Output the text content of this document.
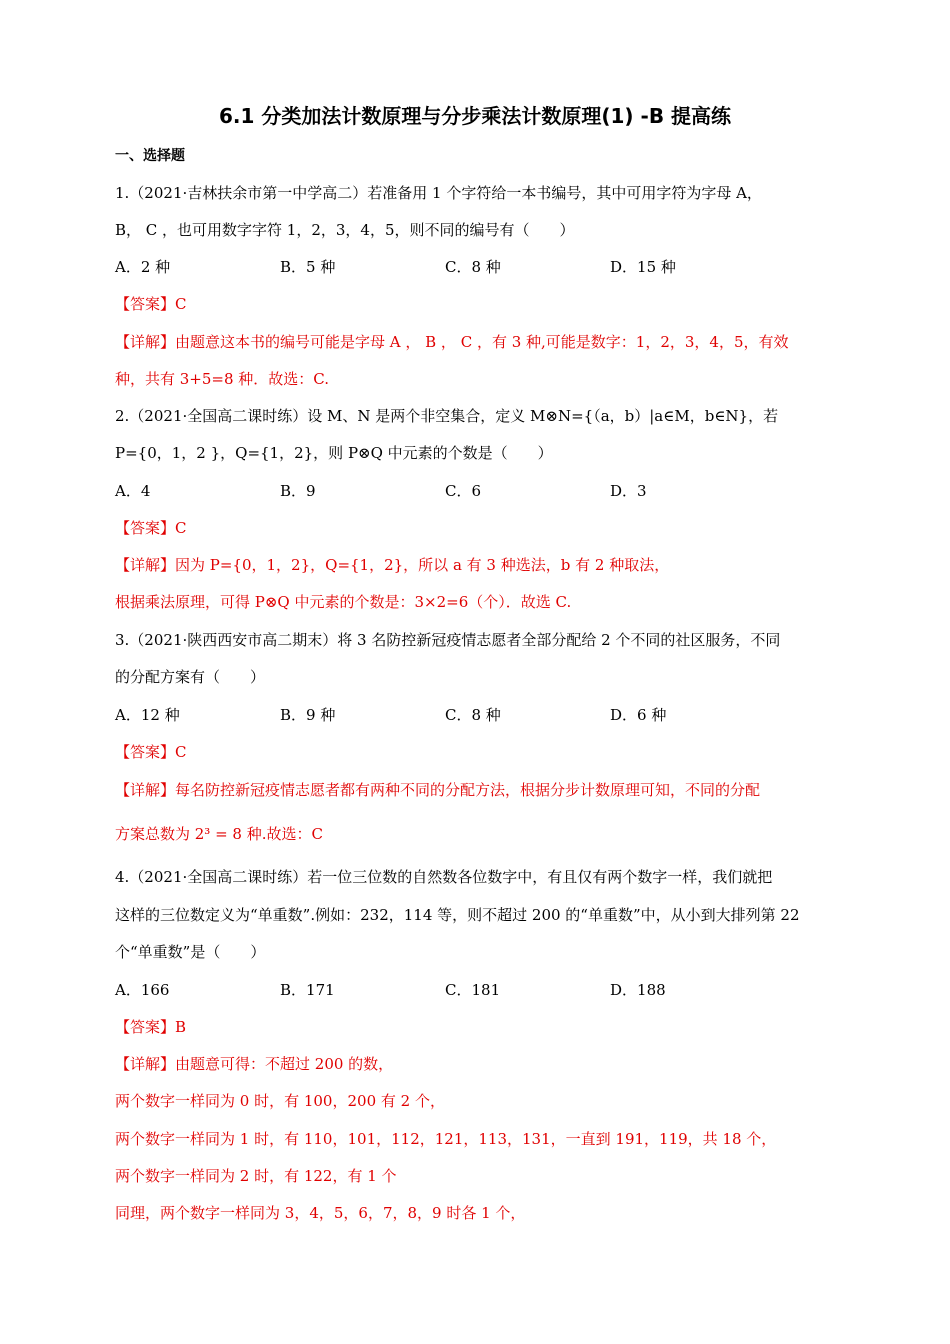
6.1 分类加法计数原理与分步乘法计数原理(1) -B 提高练
一、选择题
1.（2021·吉林扶余市第一中学高二）若准备用 1 个字符给一本书编号，其中可用字符为字母 A，
B， C ，也可用数字字符 1，2，3，4，5，则不同的编号有（　　）
A．2 种	B．5 种	C．8 种	D．15 种
【答案】C
【详解】由题意这本书的编号可能是字母 A ， B ， C ，有 3 种,可能是数字：1，2，3，4，5，有效
种，共有 3+5=8 种．故选：C.
2.（2021·全国高二课时练）设 M、N 是两个非空集合，定义 M⊗N={（a，b）|a∈M，b∈N}，若
P={0，1，2 }，Q={1，2}，则 P⊗Q 中元素的个数是（　　）
A．4	B．9	C．6	D．3
【答案】C
【详解】因为 P={0，1，2}，Q={1，2}，所以 a 有 3 种选法，b 有 2 种取法，
根据乘法原理，可得 P⊗Q 中元素的个数是：3×2=6（个）．故选 C.
3.（2021·陕西西安市高二期末）将 3 名防控新冠疫情志愿者全部分配给 2 个不同的社区服务，不同
的分配方案有（　　）
A．12 种	B．9 种	C．8 种	D．6 种
【答案】C
【详解】每名防控新冠疫情志愿者都有两种不同的分配方法，根据分步计数原理可知，不同的分配
方案总数为 2³ = 8 种.故选：C
4.（2021·全国高二课时练）若一位三位数的自然数各位数字中，有且仅有两个数字一样，我们就把
这样的三位数定义为“单重数”.例如：232，114 等，则不超过 200 的“单重数”中，从小到大排列第 22
个“单重数”是（　　）
A．166	B．171	C．181	D．188
【答案】B
【详解】由题意可得：不超过 200 的数，
两个数字一样同为 0 时，有 100，200 有 2 个，
两个数字一样同为 1 时，有 110，101，112，121，113，131，一直到 191，119，共 18 个，
两个数字一样同为 2 时，有 122，有 1 个
同理，两个数字一样同为 3，4，5，6，7，8，9 时各 1 个，
